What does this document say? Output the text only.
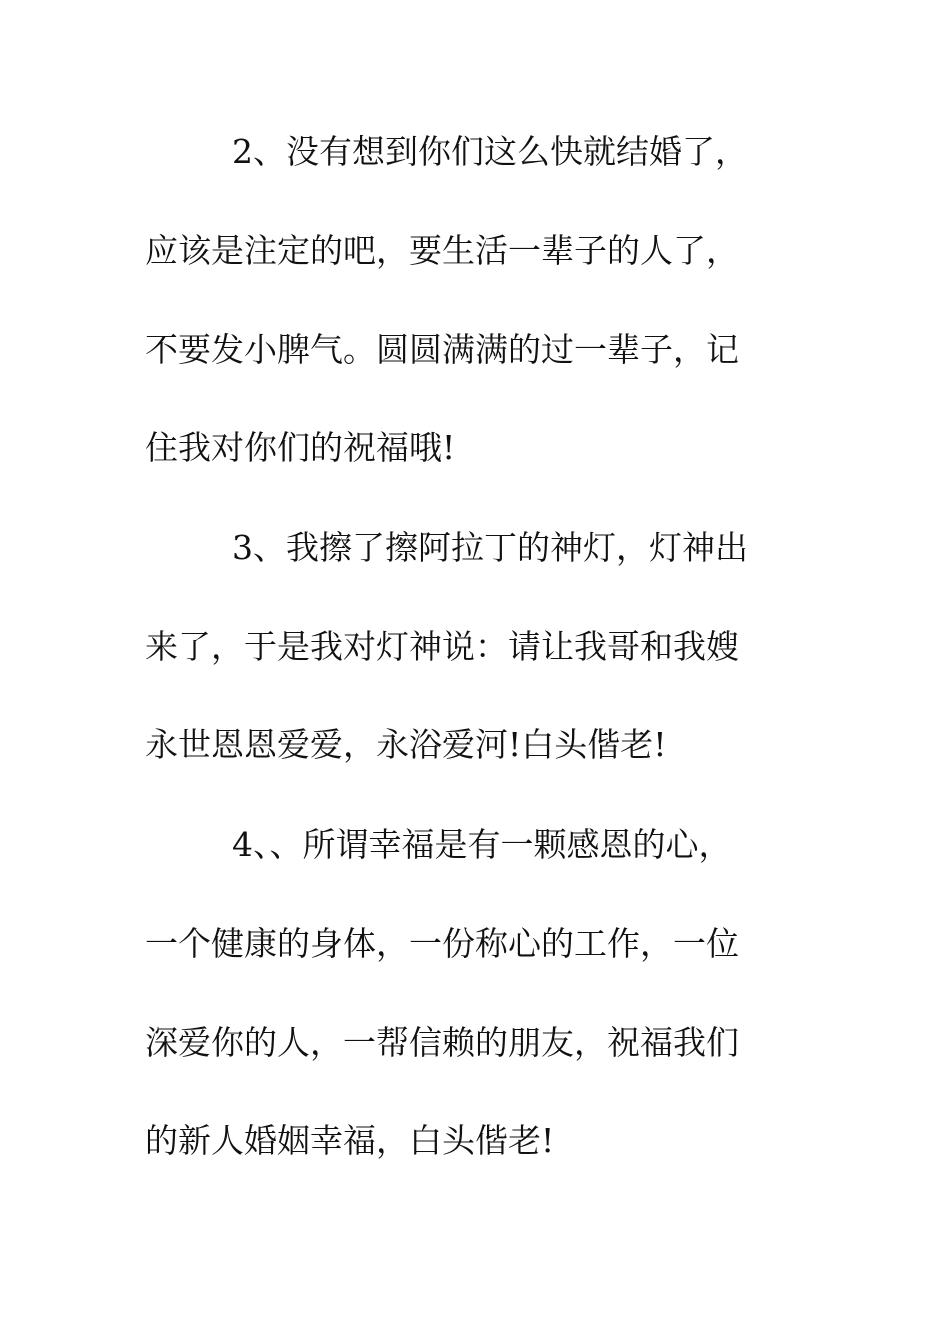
2、没有想到你们这么快就结婚了，
应该是注定的吧，要生活一辈子的人了，
不要发小脾气。圆圆满满的过一辈子，记
住我对你们的祝福哦!
3、我擦了擦阿拉丁的神灯，灯神出
来了，于是我对灯神说：请让我哥和我嫂
永世恩恩爱爱，永浴爱河!白头偕老!
4、、所谓幸福是有一颗感恩的心，
一个健康的身体，一份称心的工作，一位
深爱你的人，一帮信赖的朋友，祝福我们
的新人婚姻幸福，白头偕老!
